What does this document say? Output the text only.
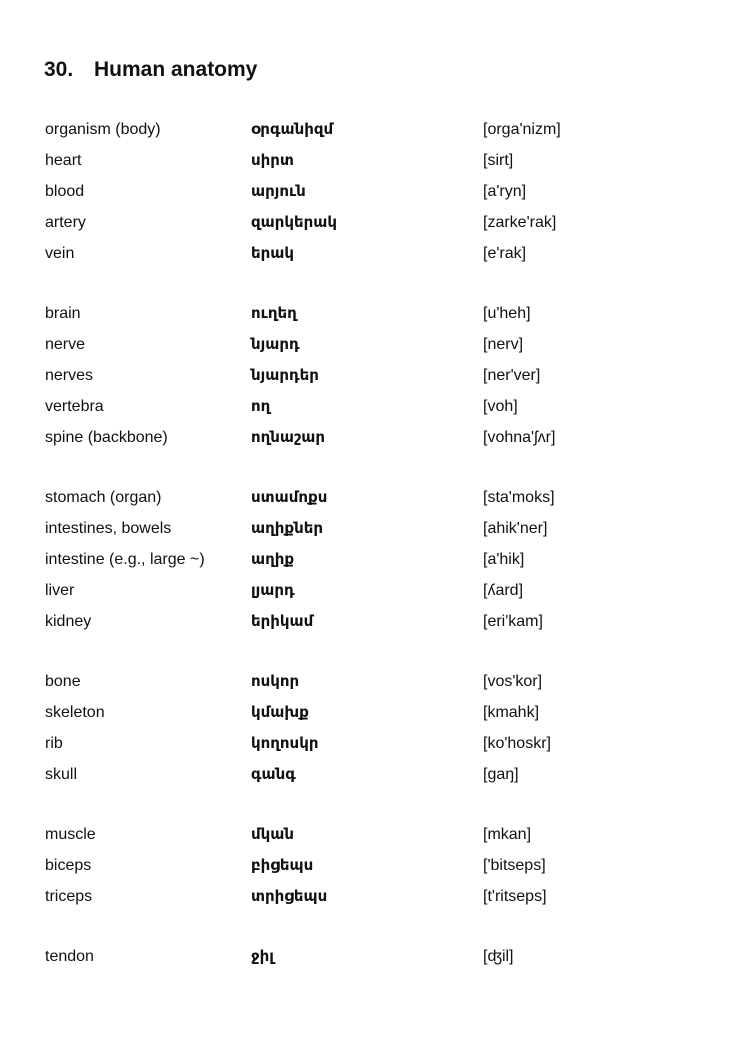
30. Human anatomy
organism (body)	օրգանիզմ	[orga'nizm]
heart	սիրտ	[sirt]
blood	արյուն	[a'ryn]
artery	զարկերակ	[zarke'rak]
vein	երակ	[e'rak]
brain	ուղեղ	[u'heh]
nerve	նյարդ	[nerv]
nerves	նյարդեր	[ner'ver]
vertebra	ող	[voh]
spine (backbone)	ողնաշար	[vohna'ʃʌr]
stomach (organ)	ստամոքս	[sta'moks]
intestines, bowels	աղիքներ	[ahik'ner]
intestine (e.g., large ~)	աղիք	[a'hik]
liver	լյարդ	[ʎard]
kidney	երիկամ	[eri'kam]
bone	ոսկոր	[vos'kor]
skeleton	կմախք	[kmahk]
rib	կողոսկր	[ko'hoskr]
skull	գանգ	[gaŋ]
muscle	մկան	[mkan]
biceps	բիցեպս	['bitseps]
triceps	տրիցեպս	[t'ritseps]
tendon	ջիլ	[ʤil]
